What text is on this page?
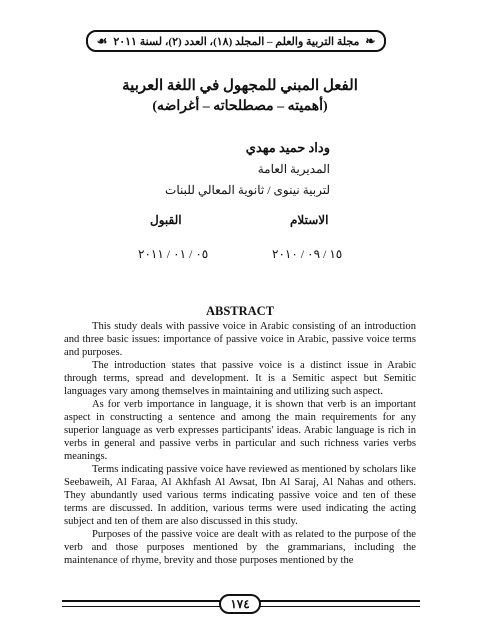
❧
مجلة التربية والعلم – المجلد (١٨)، العدد (٢)، لسنة ٢٠١١
☙
الفعل المبني للمجهول في اللغة العربية
(أهميته – مصطلحاته – أغراضه)
وداد حميد مهدي
المديرية العامة
لتربية نينوى / ثانوية المعالي للبنات
الاستلام
القبول
١٥ / ٠٩ / ٢٠١٠
٠٥ / ٠١ / ٢٠١١
ABSTRACT

This study deals with passive voice in Arabic consisting of an introduction and three basic issues: importance of passive voice in Arabic, passive voice terms and purposes.

The introduction states that passive voice is a distinct issue in Arabic through terms, spread and development. It is a Semitic aspect but Semitic languages vary among themselves in maintaining and utilizing such aspect.

As for verb importance in language, it is shown that verb is an important aspect in constructing a sentence and among the main requirements for any superior language as verb expresses participants' ideas. Arabic language is rich in verbs in general and passive verbs in particular and such richness varies verbs meanings.

Terms indicating passive voice have reviewed as mentioned by scholars like Seebaweih, Al Faraa, Al Akhfash Al Awsat, Ibn Al Saraj, Al Nahas and others. They abundantly used various terms indicating passive voice and ten of these terms are discussed. In addition, various terms were used indicating the acting subject and ten of them are also discussed in this study.

Purposes of the passive voice are dealt with as related to the purpose of the verb and those purposes mentioned by the grammarians, including the maintenance of rhyme, brevity and those purposes mentioned by the

١٧٤
